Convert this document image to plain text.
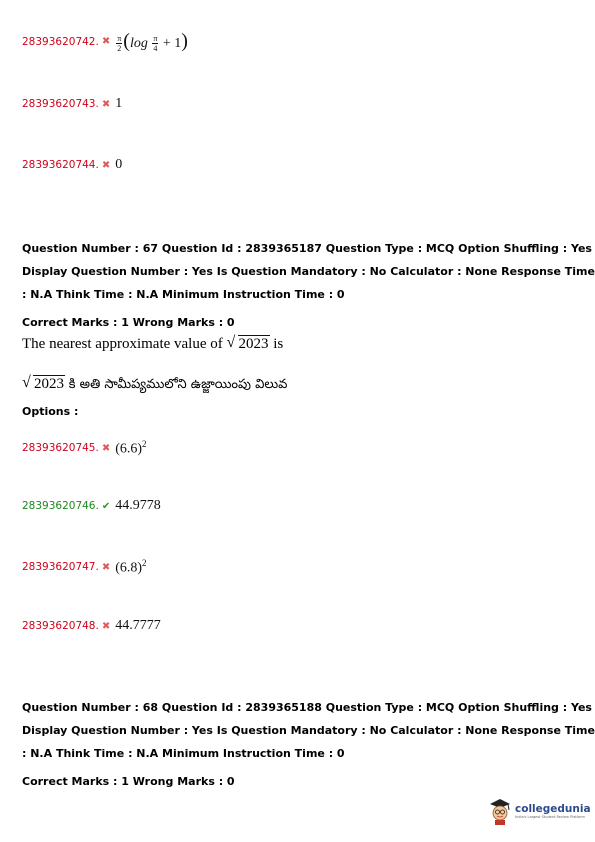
28393620742. ✖ $\frac{\pi}{2} (\log \frac{\pi}{4} + 1)$
28393620743. ✖ 1
28393620744. ✖ 0
Question Number : 67 Question Id : 2839365187 Question Type : MCQ Option Shuffling : Yes
Display Question Number : Yes Is Question Mandatory : No Calculator : None Response Time
: N.A Think Time : N.A Minimum Instruction Time : 0
Correct Marks : 1 Wrong Marks : 0
The nearest approximate value of √ 2023 is
√ 2023 కి అతి సామీప్యములోని ఉజ్జాయింపు విలువ
Options :
28393620745. ✖ $(6.6)^2$
28393620746. ✔ 44.9778
28393620747. ✖ $(6.8)^2$
28393620748. ✖ 44.7777
Question Number : 68 Question Id : 2839365188 Question Type : MCQ Option Shuffling : Yes
Display Question Number : Yes Is Question Mandatory : No Calculator : None Response Time
: N.A Think Time : N.A Minimum Instruction Time : 0
Correct Marks : 1 Wrong Marks : 0
collegedunia
India's Largest Student Review Platform
